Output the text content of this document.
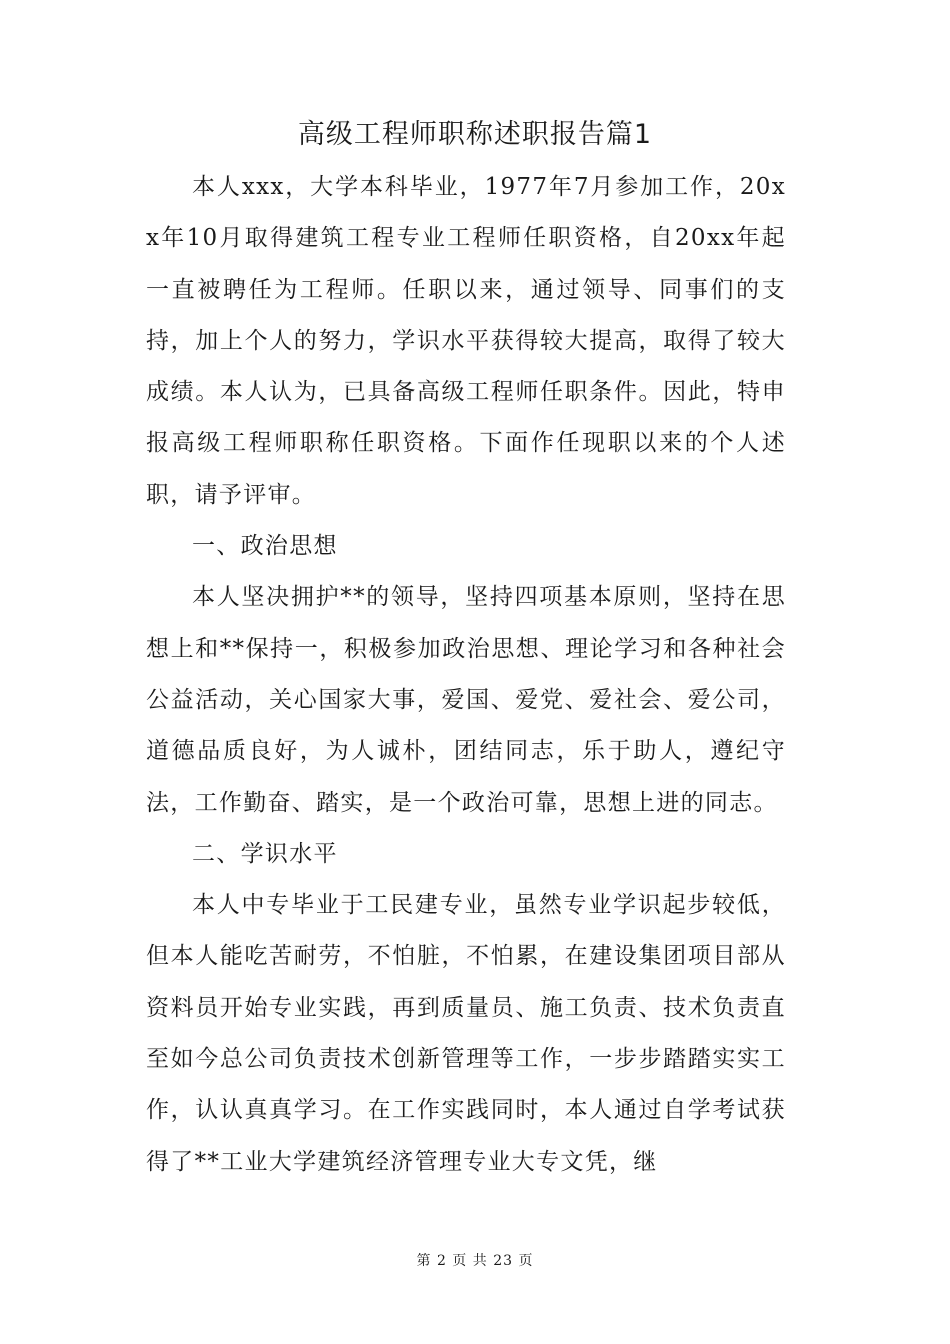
高级工程师职称述职报告篇1

本人xxx，大学本科毕业，1977年7月参加工作，20xx年10月取得建筑工程专业工程师任职资格，自20xx年起一直被聘任为工程师。任职以来，通过领导、同事们的支持，加上个人的努力，学识水平获得较大提高，取得了较大成绩。本人认为，已具备高级工程师任职条件。因此，特申报高级工程师职称任职资格。下面作任现职以来的个人述职，请予评审。

一、政治思想

本人坚决拥护**的领导，坚持四项基本原则，坚持在思想上和**保持一，积极参加政治思想、理论学习和各种社会公益活动，关心国家大事，爱国、爱党、爱社会、爱公司，道德品质良好，为人诚朴，团结同志，乐于助人，遵纪守法，工作勤奋、踏实，是一个政治可靠，思想上进的同志。

二、学识水平

本人中专毕业于工民建专业，虽然专业学识起步较低，但本人能吃苦耐劳，不怕脏，不怕累，在建设集团项目部从资料员开始专业实践，再到质量员、施工负责、技术负责直至如今总公司负责技术创新管理等工作，一步步踏踏实实工作，认认真真学习。在工作实践同时，本人通过自学考试获得了**工业大学建筑经济管理专业大专文凭，继

第 2 页 共 23 页
